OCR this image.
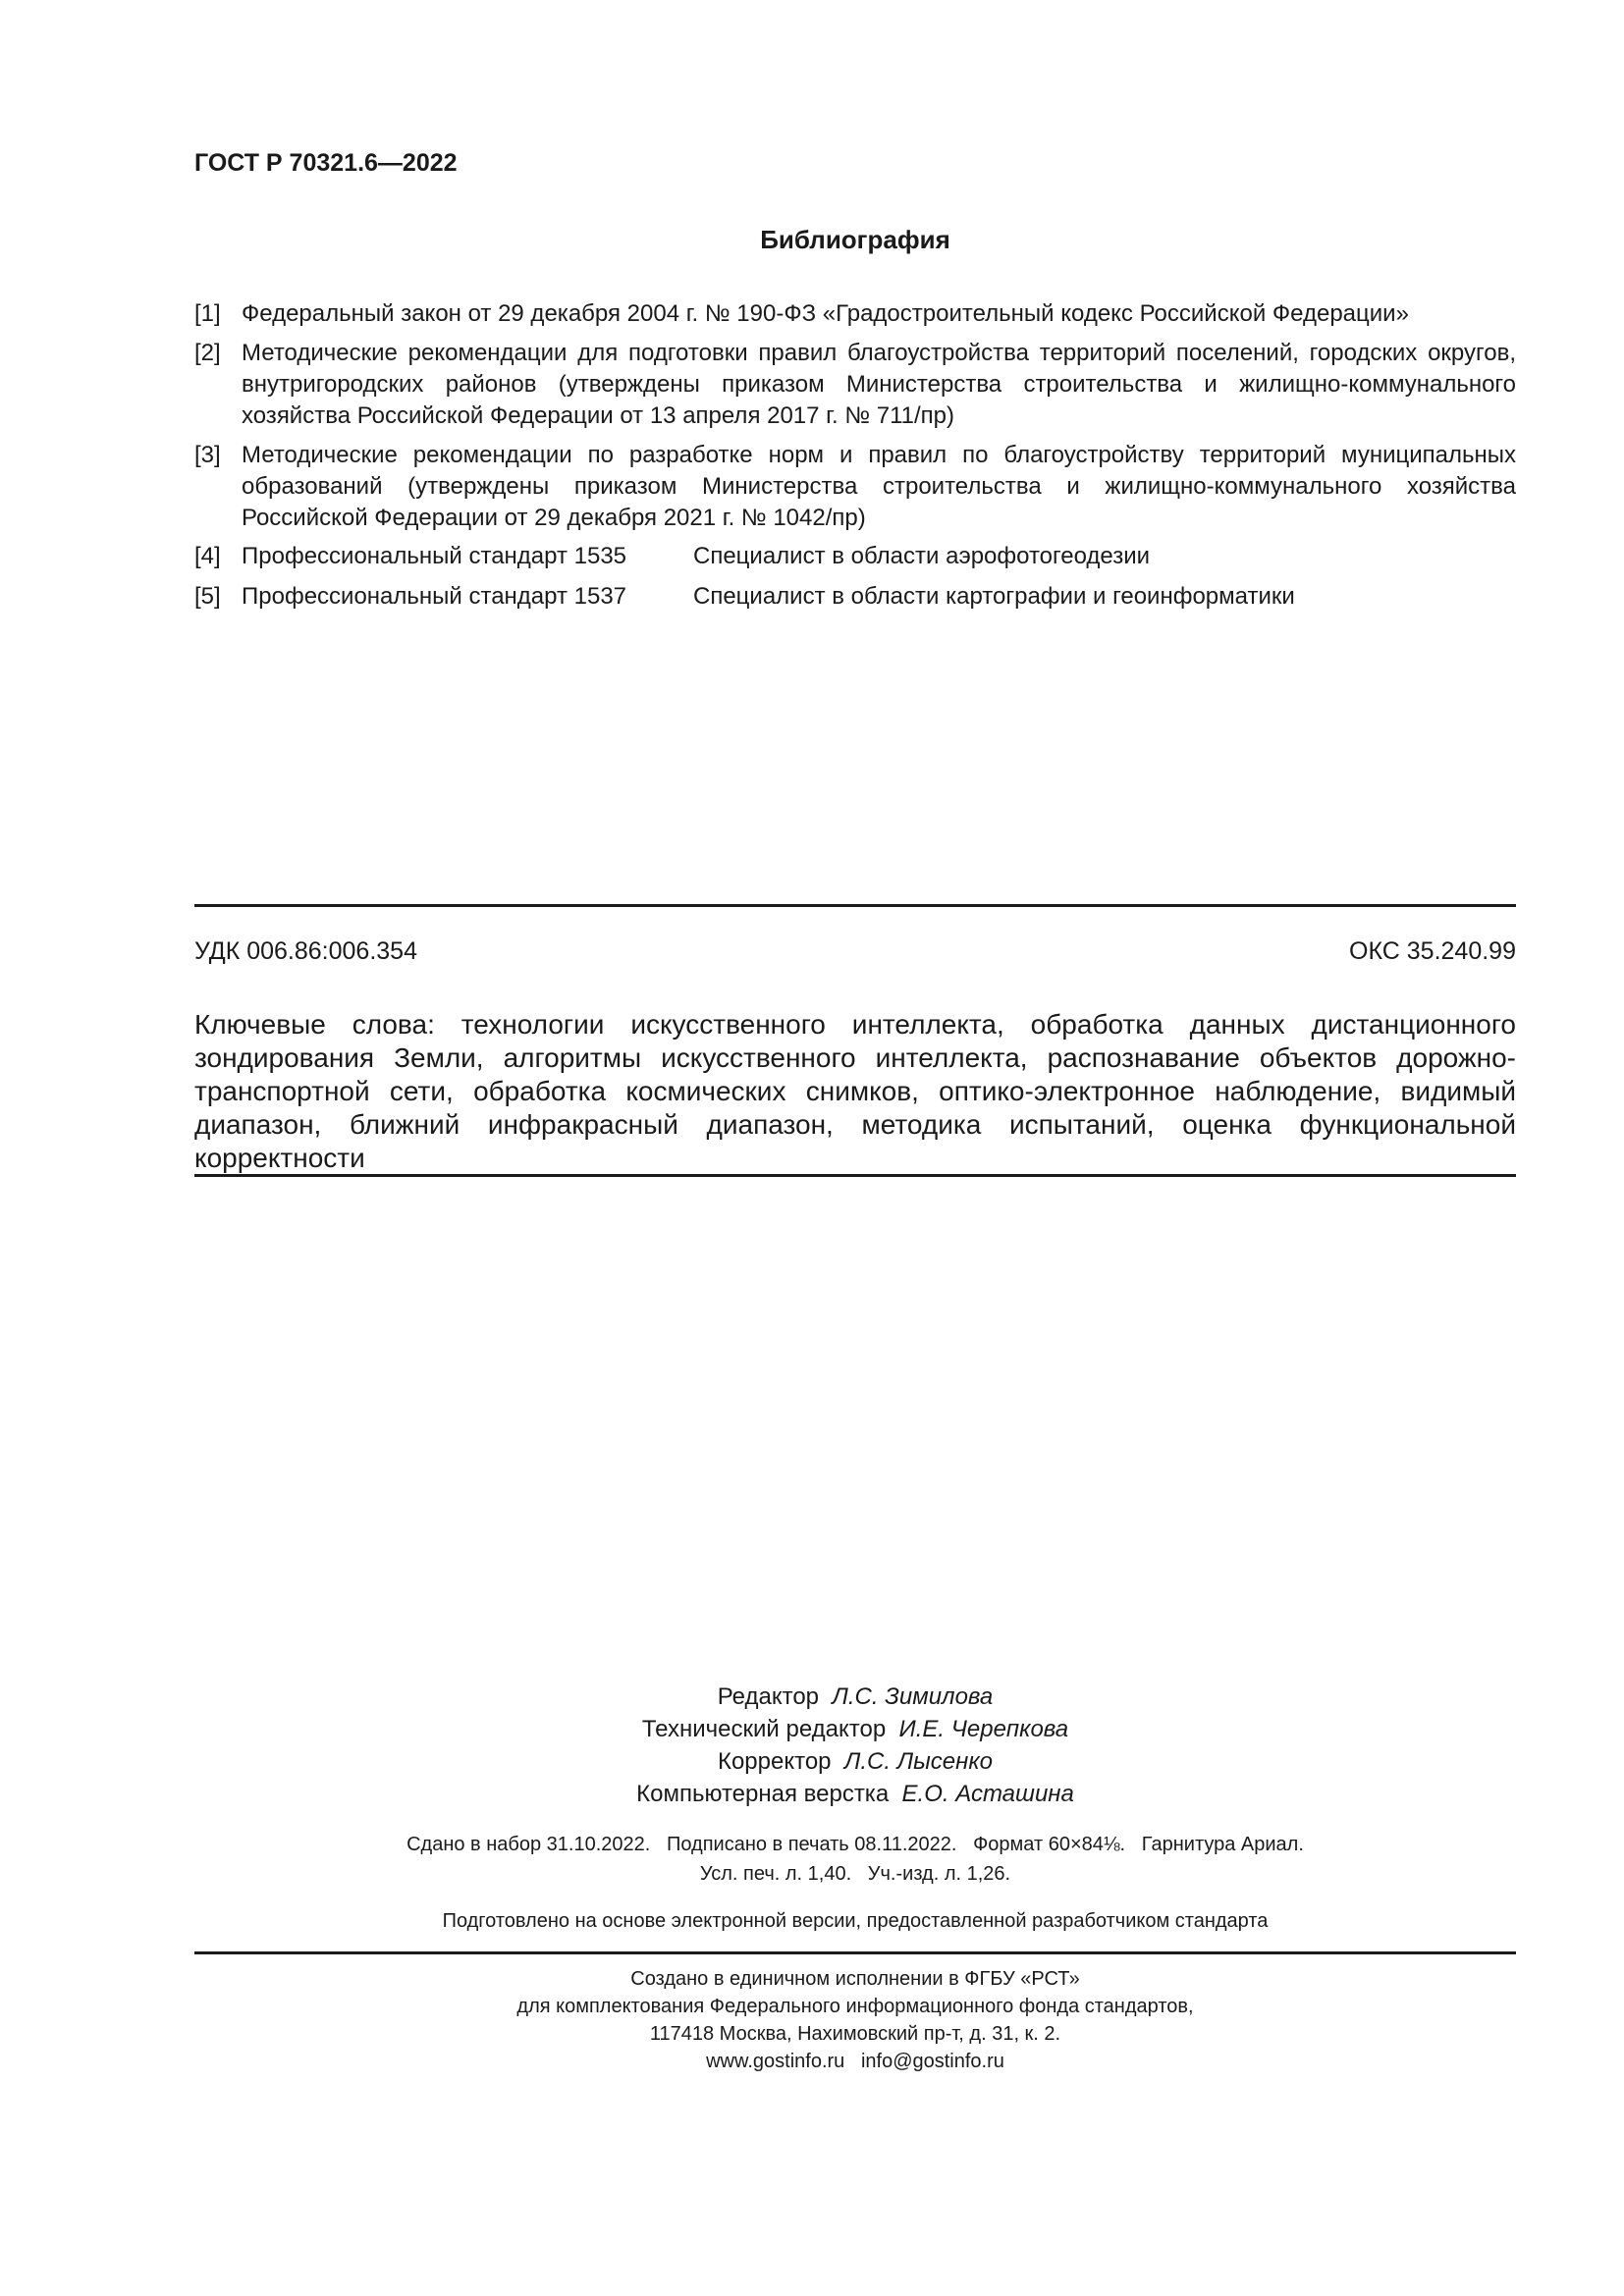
ГОСТ Р 70321.6—2022
Библиография
[1] Федеральный закон от 29 декабря 2004 г. № 190-ФЗ «Градостроительный кодекс Российской Федерации»
[2] Методические рекомендации для подготовки правил благоустройства территорий поселений, городских округов, внутригородских районов (утверждены приказом Министерства строительства и жилищно-коммунального хозяйства Российской Федерации от 13 апреля 2017 г. № 711/пр)
[3] Методические рекомендации по разработке норм и правил по благоустройству территорий муниципальных образований (утверждены приказом Министерства строительства и жилищно-коммунального хозяйства Российской Федерации от 29 декабря 2021 г. № 1042/пр)
[4] Профессиональный стандарт 1535	Специалист в области аэрофотогеодезии
[5] Профессиональный стандарт 1537	Специалист в области картографии и геоинформатики
УДК 006.86:006.354	ОКС 35.240.99
Ключевые слова: технологии искусственного интеллекта, обработка данных дистанционного зондирования Земли, алгоритмы искусственного интеллекта, распознавание объектов дорожно-транспортной сети, обработка космических снимков, оптико-электронное наблюдение, видимый диапазон, ближний инфракрасный диапазон, методика испытаний, оценка функциональной корректности
Редактор Л.С. Зимилова
Технический редактор И.Е. Черепкова
Корректор Л.С. Лысенко
Компьютерная верстка Е.О. Асташина
Сдано в набор 31.10.2022.   Подписано в печать 08.11.2022.   Формат 60×84⅛.   Гарнитура Ариал.
Усл. печ. л. 1,40.   Уч.-изд. л. 1,26.
Подготовлено на основе электронной версии, предоставленной разработчиком стандарта
Создано в единичном исполнении в ФГБУ «РСТ»
для комплектования Федерального информационного фонда стандартов,
117418 Москва, Нахимовский пр-т, д. 31, к. 2.
www.gostinfo.ru   info@gostinfo.ru
